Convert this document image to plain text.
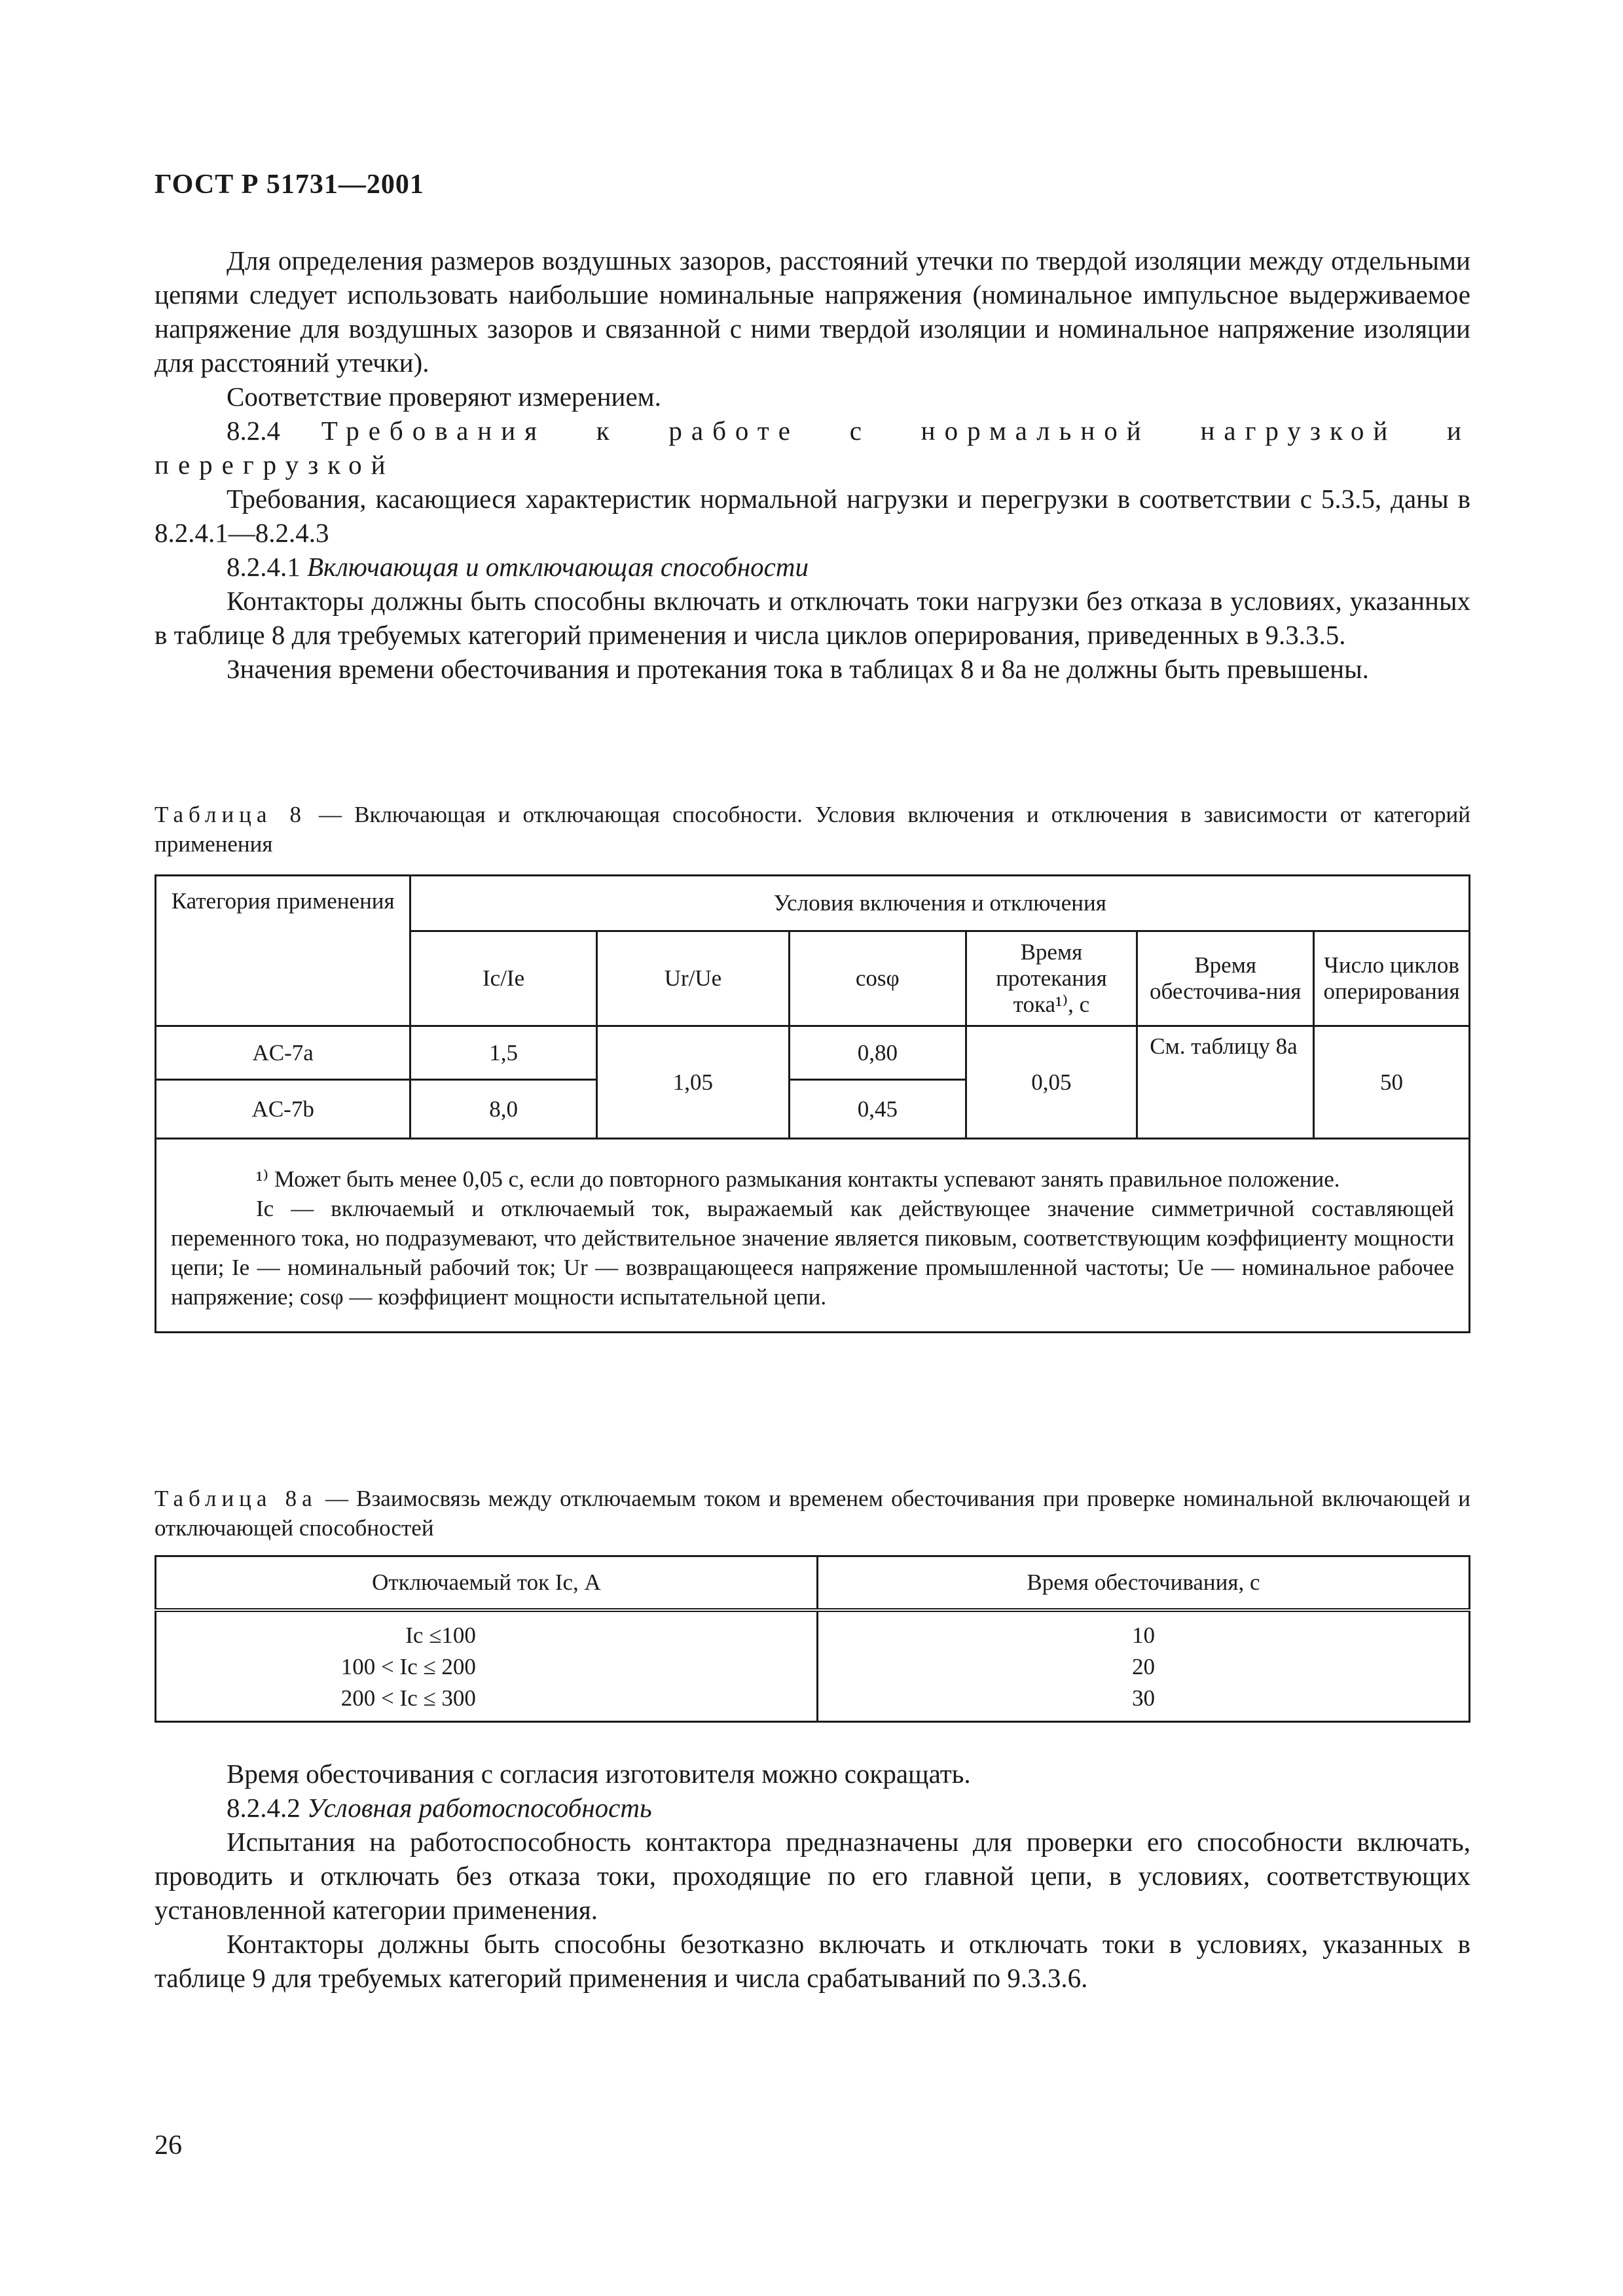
ГОСТ Р 51731—2001

Для определения размеров воздушных зазоров, расстояний утечки по твердой изоляции между отдельными цепями следует использовать наибольшие номинальные напряжения (номинальное импульсное выдерживаемое напряжение для воздушных зазоров и связанной с ними твердой изоляции и номинальное напряжение изоляции для расстояний утечки).

Соответствие проверяют измерением.

8.2.4 Требования к работе с нормальной нагрузкой и перегрузкой

Требования, касающиеся характеристик нормальной нагрузки и перегрузки в соответствии с 5.3.5, даны в 8.2.4.1—8.2.4.3

8.2.4.1 Включающая и отключающая способности

Контакторы должны быть способны включать и отключать токи нагрузки без отказа в условиях, указанных в таблице 8 для требуемых категорий применения и числа циклов оперирования, приведенных в 9.3.3.5.

Значения времени обесточивания и протекания тока в таблицах 8 и 8а не должны быть превышены.

Таблица 8 — Включающая и отключающая способности. Условия включения и отключения в зависимости от категорий применения
Категория применения	Условия включения и отключения					
	Iс/Iе	Ur/Ue	cosφ	Время протекания тока¹⁾, с	Время обесточива-ния	Число циклов оперирования
AC-7a	1,5	1,05	0,80	0,05	См. таблицу 8а	50
AC-7b	8,0		0,45			

¹⁾ Может быть менее 0,05 с, если до повторного размыкания контакты успевают занять правильное положение.

Iс — включаемый и отключаемый ток, выражаемый как действующее значение симметричной составляющей переменного тока, но подразумевают, что действительное значение является пиковым, соответствующим коэффициенту мощности цепи; Iе — номинальный рабочий ток; Ur — возвращающееся напряжение промышленной частоты; Ue — номинальное рабочее напряжение; cosφ — коэффициент мощности испытательной цепи.						

Таблица 8а — Взаимосвязь между отключаемым током и временем обесточивания при проверке номинальной включающей и отключающей способностей
Отключаемый ток Iс, А	Время обесточивания, с
Iс ≤100	10
100 < Iс ≤ 200	20
200 < Iс ≤ 300	30

Время обесточивания с согласия изготовителя можно сокращать.

8.2.4.2 Условная работоспособность

Испытания на работоспособность контактора предназначены для проверки его способности включать, проводить и отключать без отказа токи, проходящие по его главной цепи, в условиях, соответствующих установленной категории применения.

Контакторы должны быть способны безотказно включать и отключать токи в условиях, указанных в таблице 9 для требуемых категорий применения и числа срабатываний по 9.3.3.6.

26
